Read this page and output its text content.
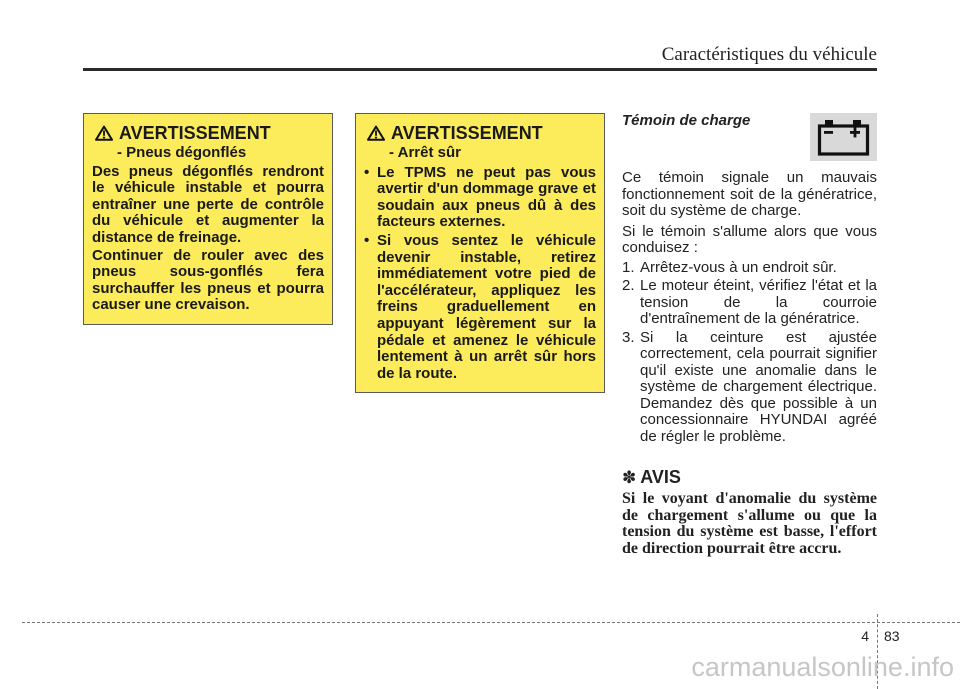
Caractéristiques du véhicule
AVERTISSEMENT
- Pneus dégonflés

Des pneus dégonflés rendront le véhicule instable et pourra entraîner une perte de contrôle du véhicule et augmenter la distance de freinage.

Continuer de rouler avec des pneus sous-gonflés fera surchauffer les pneus et pourra causer une crevaison.

AVERTISSEMENT
- Arrêt sûr
• Le TPMS ne peut pas vous avertir d'un dommage grave et soudain aux pneus dû à des facteurs externes.
• Si vous sentez le véhicule devenir instable, retirez immédiatement votre pied de l'accélérateur, appliquez les freins graduellement en appuyant légèrement sur la pédale et amenez le véhicule lentement à un arrêt sûr hors de la route.
Témoin de charge

Ce témoin signale un mauvais fonctionnement soit de la génératrice, soit du système de charge.

Si le témoin s'allume alors que vous conduisez :

1. Arrêtez-vous à un endroit sûr.
2. Le moteur éteint, vérifiez l'état et la tension de la courroie d'entraînement de la génératrice.
3. Si la ceinture est ajustée correctement, cela pourrait signifier qu'il existe une anomalie dans le système de chargement électrique. Demandez dès que possible à un concessionnaire HYUNDAI agréé de régler le problème.
✽ AVIS
Si le voyant d'anomalie du système de chargement s'allume ou que la tension du système est basse, l'effort de direction pourrait être accru.
4 83
carmanualsonline.info
